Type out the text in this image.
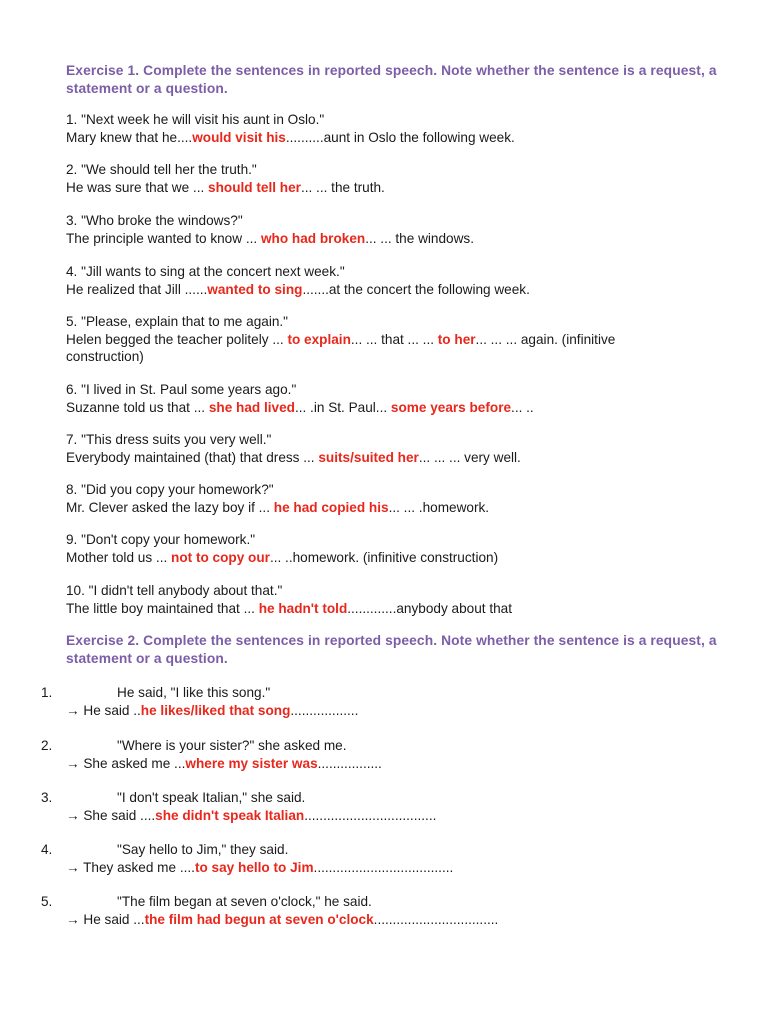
Exercise 1. Complete the sentences in reported speech. Note whether the sentence is a request, a statement or a question.
1. "Next week he will visit his aunt in Oslo."
Mary knew that he....would visit his..........aunt in Oslo the following week.
2. "We should tell her the truth."
He was sure that we ... should tell her... ... the truth.
3. "Who broke the windows?"
The principle wanted to know ... who had broken... ... the windows.
4. "Jill wants to sing at the concert next week."
He realized that Jill ......wanted to sing.......at the concert the following week.
5. "Please, explain that to me again."
Helen begged the teacher politely ... to explain... ... that ... ... to her... ... ... again. (infinitive construction)
6. "I lived in St. Paul some years ago."
Suzanne told us that ... she had lived... .in St. Paul... some years before... ..
7. "This dress suits you very well."
Everybody maintained (that) that dress ... suits/suited her... ... ... very well.
8. "Did you copy your homework?"
Mr. Clever asked the lazy boy if ... he had copied his... ... .homework.
9. "Don't copy your homework."
Mother told us ... not to copy our... ..homework. (infinitive construction)
10. "I didn't tell anybody about that."
The little boy maintained that ... he hadn't told.............anybody about that
Exercise 2. Complete the sentences in reported speech. Note whether the sentence is a request, a statement or a question.
1.	He said, "I like this song."
→ He said ..he likes/liked that song..................
2.	"Where is your sister?" she asked me.
→ She asked me ...where my sister was.................
3.	"I don't speak Italian," she said.
→ She said ....she didn't speak Italian...................................
4.	"Say hello to Jim," they said.
→ They asked me ....to say hello to Jim.....................................
5.	"The film began at seven o'clock," he said.
→ He said ...the film had begun at seven o'clock.................................
